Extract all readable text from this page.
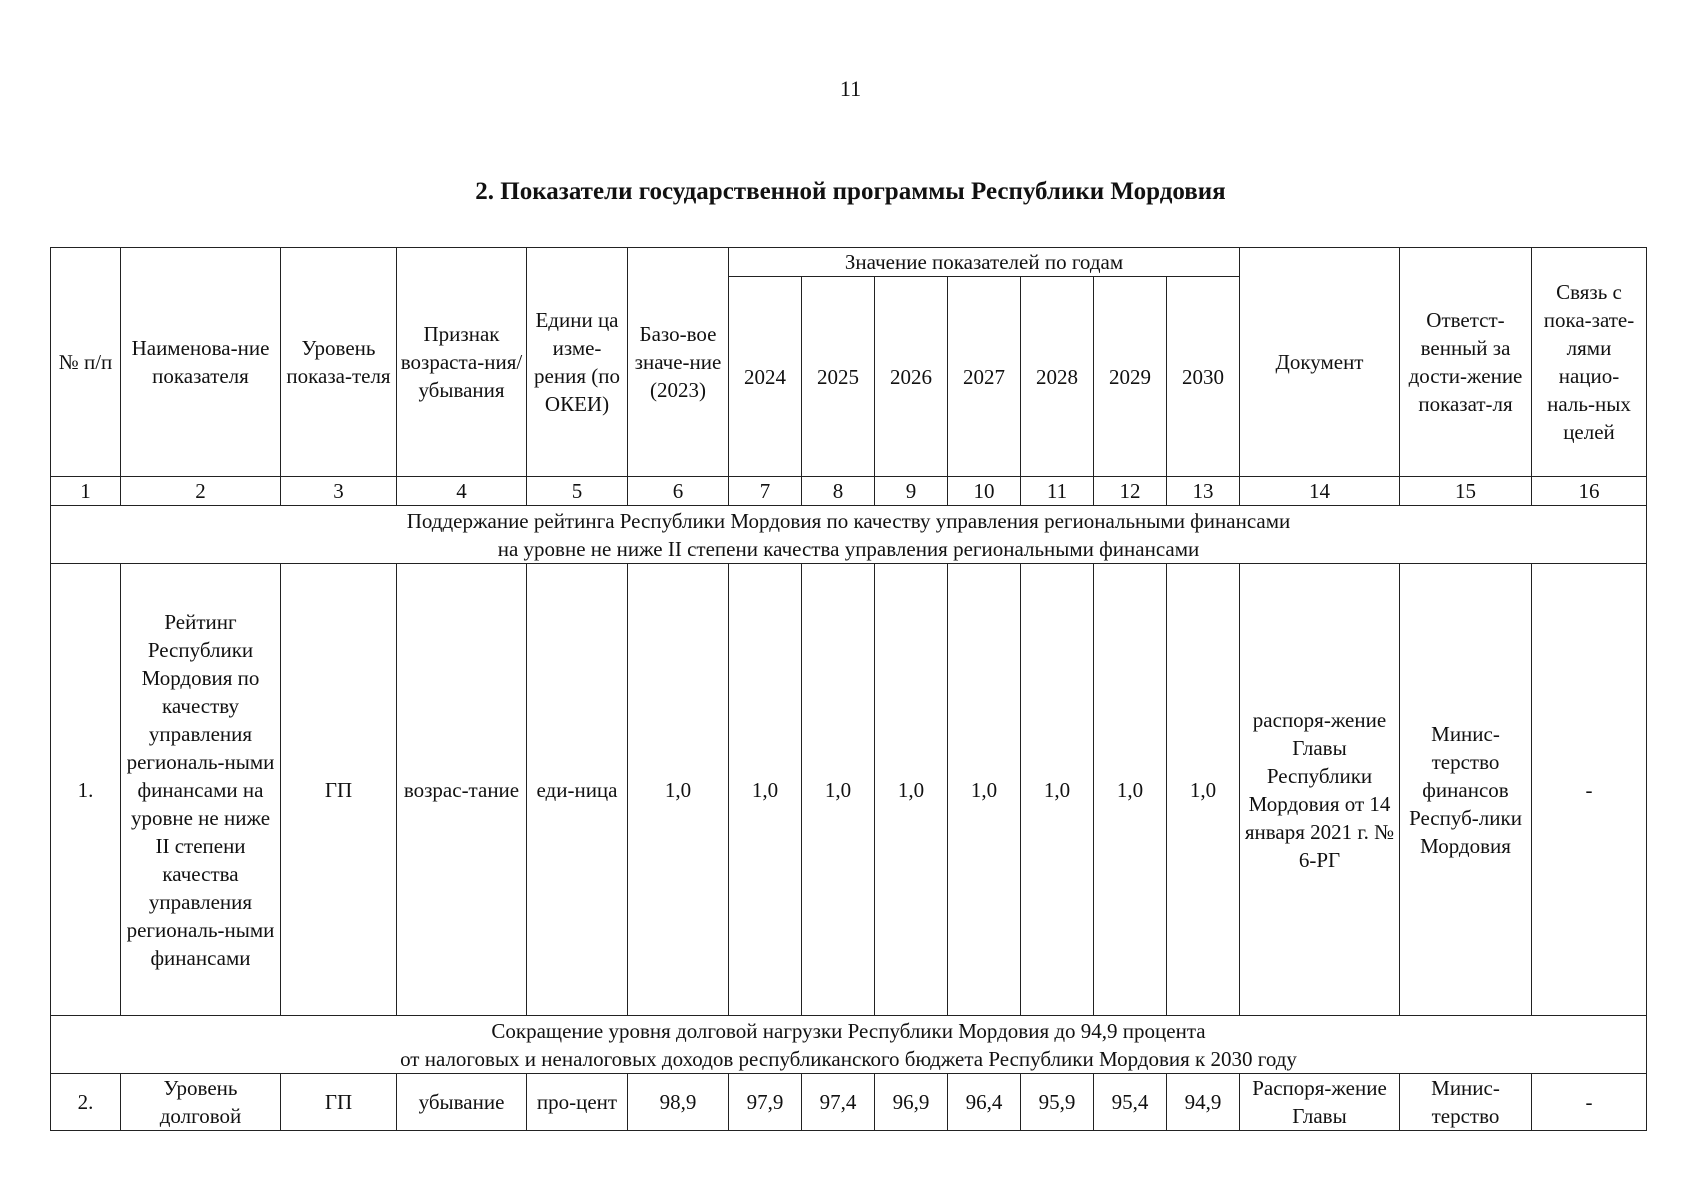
11
2. Показатели государственной программы Республики Мордовия
№ п/п	Наименова-ние показателя	Уровень показа-теля	Признак возраста-ния/ убывания	Едини ца изме-рения (по ОКЕИ)	Базо-вое значе-ние (2023)	Значение показателей по годам							Документ	Ответст-венный за дости-жение показат-ля	Связь с пока-зате-лями нацио-наль-ных целей
						2024	2025	2026	2027	2028	2029	2030			
1	2	3	4	5	6	7	8	9	10	11	12	13	14	15	16

Поддержание рейтинга Республики Мордовия по качеству управления региональными финансами
на уровне не ниже II степени качества управления региональными финансами															

1.	Рейтинг Республики Мордовия по качеству управления региональ-ными финансами на уровне не ниже II степени качества управления региональ-ными финансами	ГП	возрас-тание	еди-ница	1,0	1,0	1,0	1,0	1,0	1,0	1,0	1,0	распоря-жение Главы Республики Мордовия от 14 января 2021 г. № 6-РГ	Минис-терство финансов Респуб-лики Мордовия	-

Сокращение уровня долговой нагрузки Республики Мордовия до 94,9 процента
от налоговых и неналоговых доходов республиканского бюджета Республики Мордовия к 2030 году															

2.	Уровень долговой	ГП	убывание	про-цент	98,9	97,9	97,4	96,9	96,4	95,9	95,4	94,9	Распоря-жение Главы	Минис-терство	-
